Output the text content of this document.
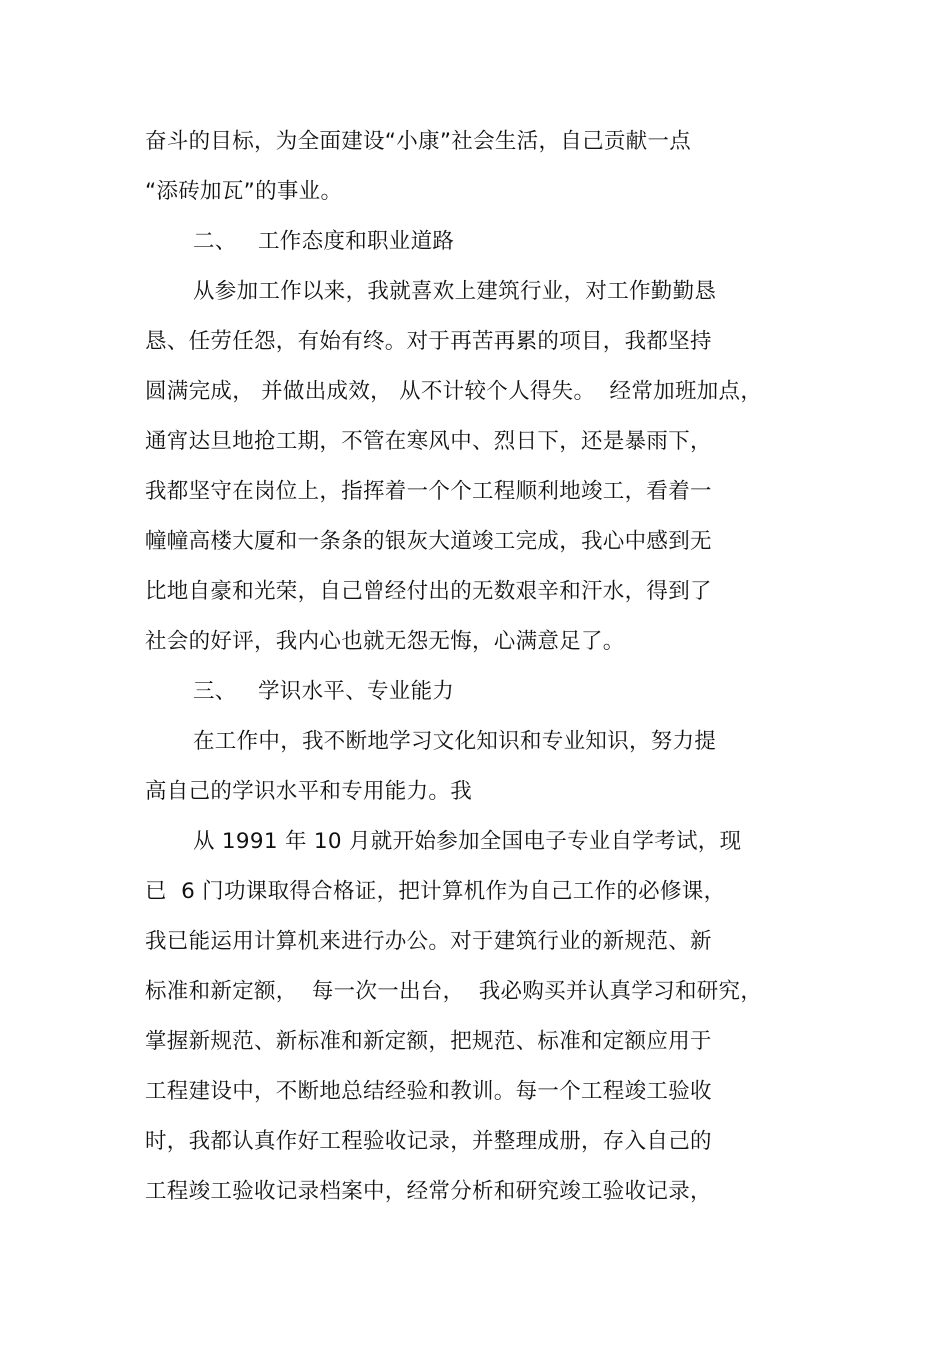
奋斗的目标，为全面建设“小康”社会生活，自己贡献一点
“添砖加瓦”的事业。
二、   工作态度和职业道路
从参加工作以来，我就喜欢上建筑行业，对工作勤勤恳
恳、任劳任怨，有始有终。对于再苦再累的项目，我都坚持
圆满完成， 并做出成效， 从不计较个人得失。  经常加班加点，
通宵达旦地抢工期，不管在寒风中、烈日下，还是暴雨下，
我都坚守在岗位上，指挥着一个个工程顺利地竣工，看着一
幢幢高楼大厦和一条条的银灰大道竣工完成，我心中感到无
比地自豪和光荣，自己曾经付出的无数艰辛和汗水，得到了
社会的好评，我内心也就无怨无悔，心满意足了。
三、   学识水平、专业能力
在工作中，我不断地学习文化知识和专业知识，努力提
高自己的学识水平和专用能力。我
从 1991 年 10 月就开始参加全国电子专业自学考试，现
已  6 门功课取得合格证，把计算机作为自己工作的必修课，
我已能运用计算机来进行办公。对于建筑行业的新规范、新
标准和新定额，  每一次一出台，  我必购买并认真学习和研究，
掌握新规范、新标准和新定额，把规范、标准和定额应用于
工程建设中，不断地总结经验和教训。每一个工程竣工验收
时，我都认真作好工程验收记录，并整理成册，存入自己的
工程竣工验收记录档案中，经常分析和研究竣工验收记录，
